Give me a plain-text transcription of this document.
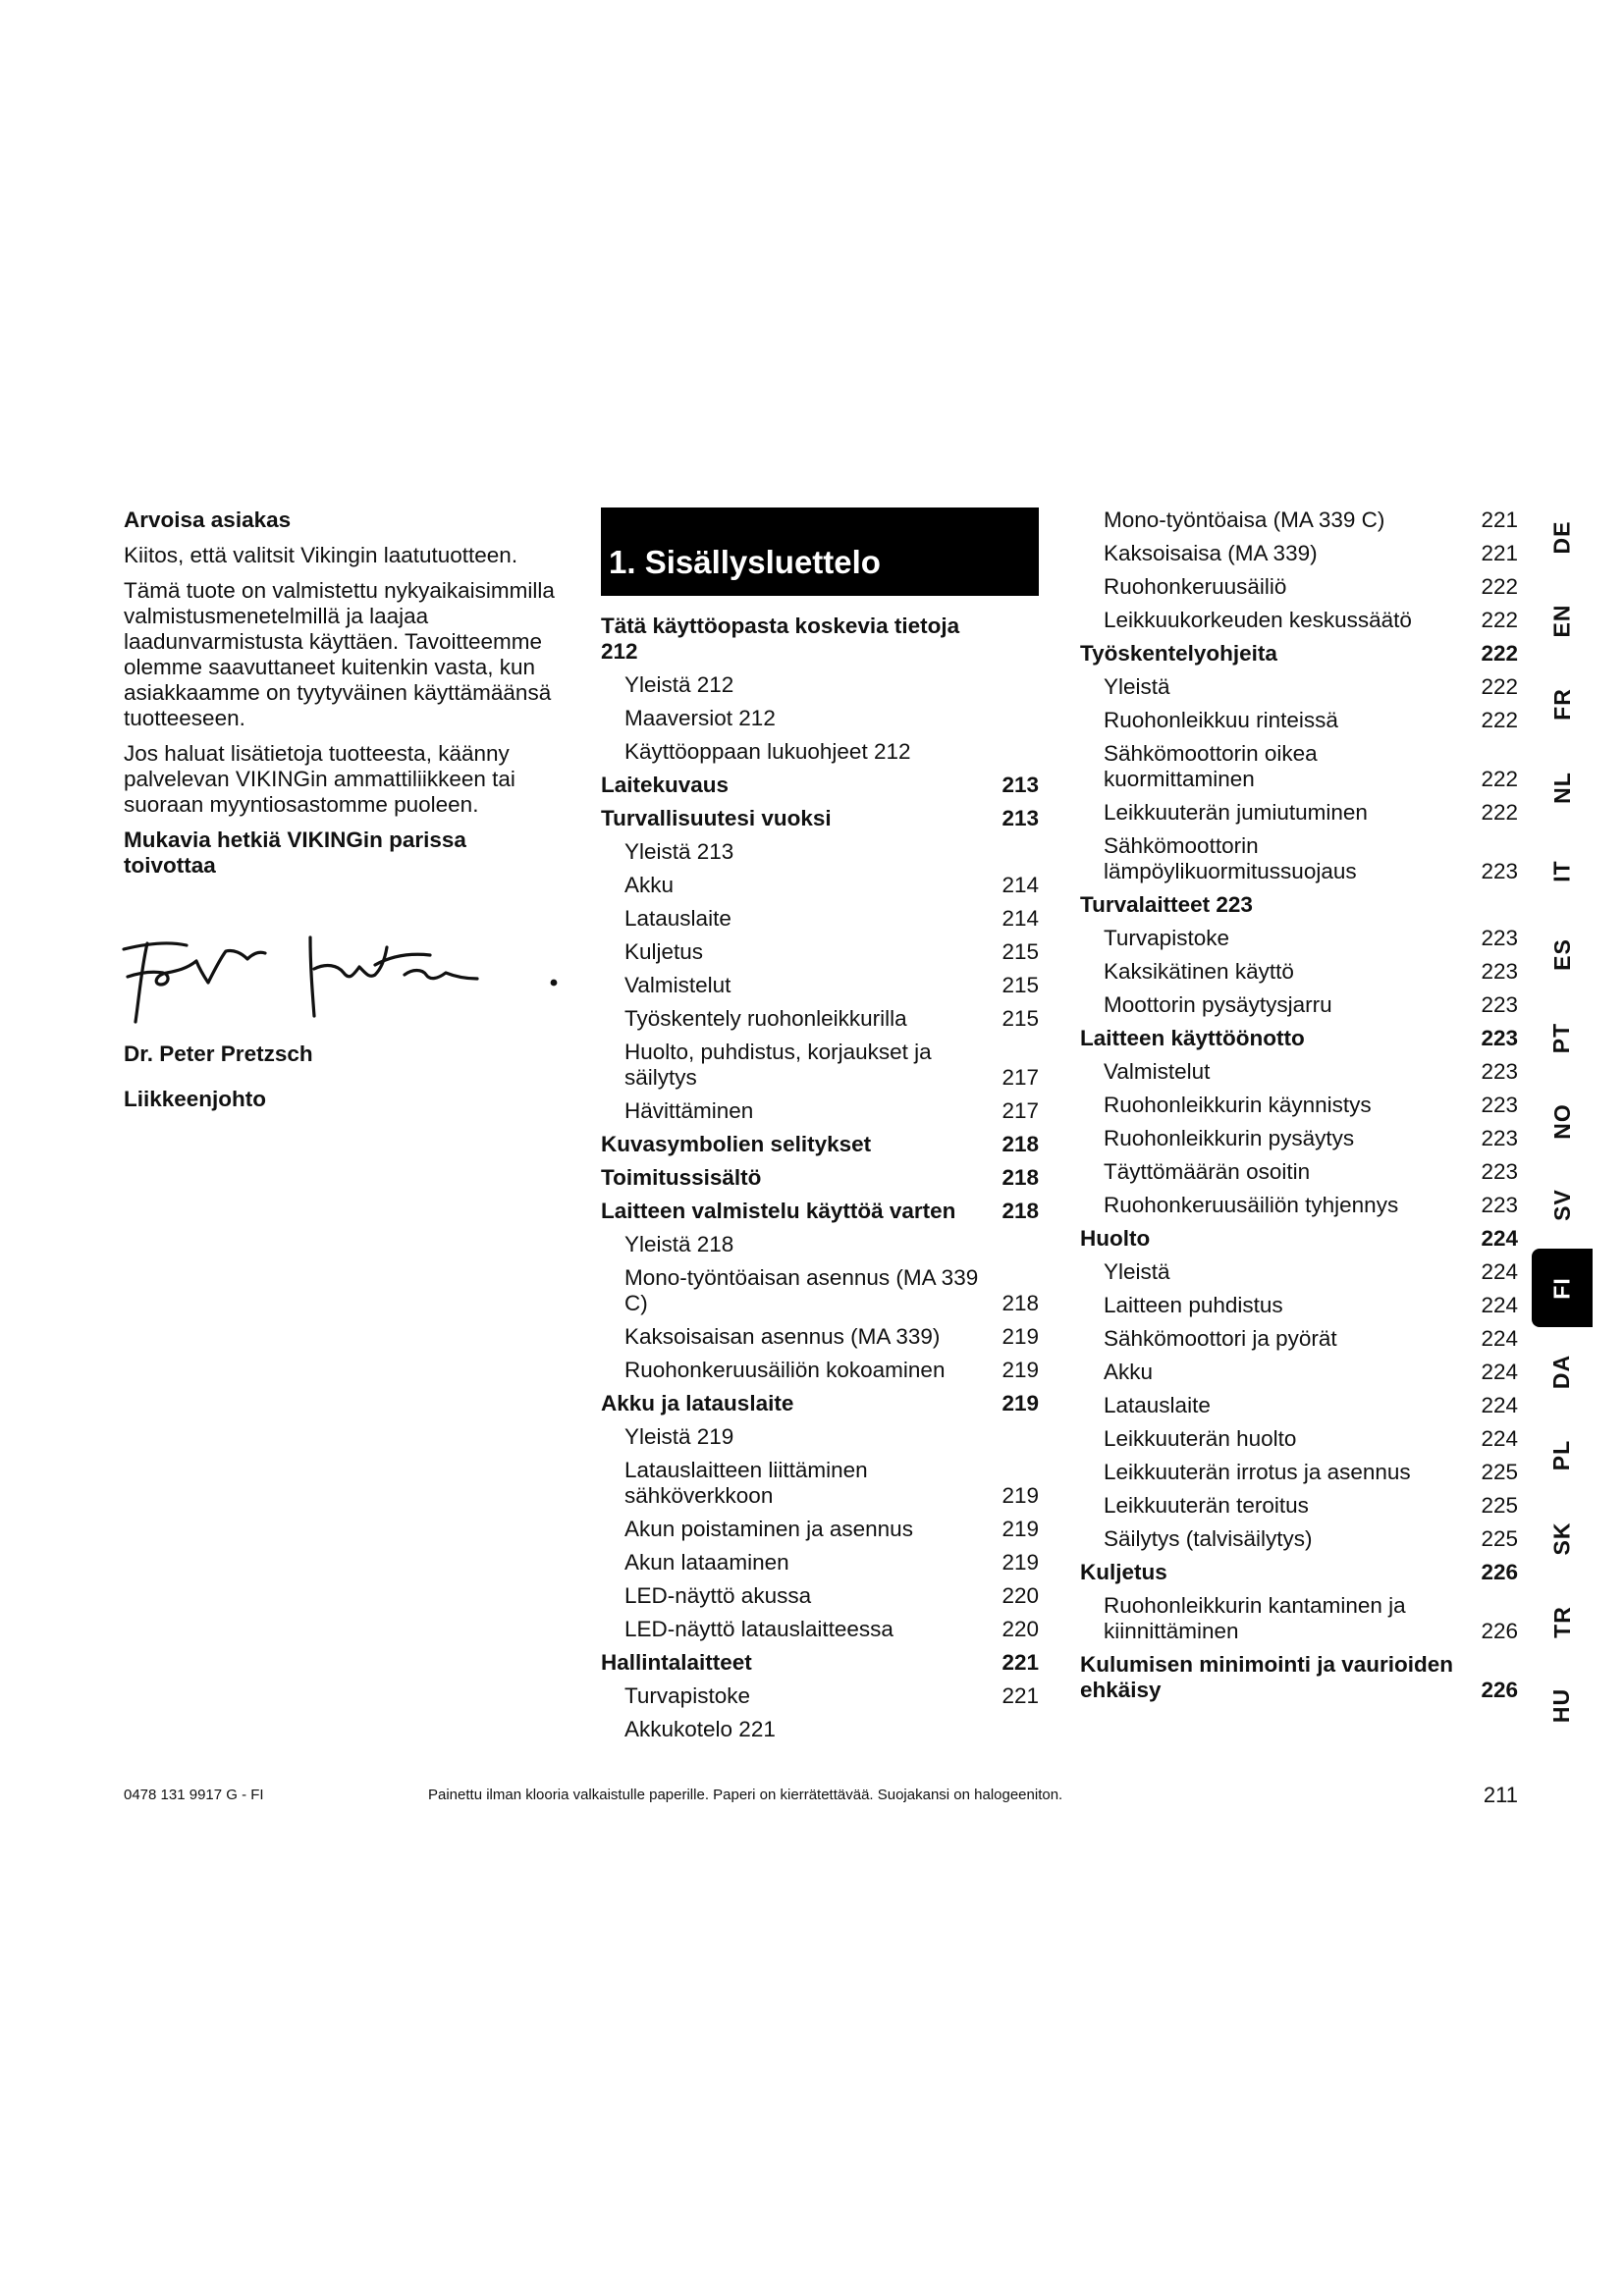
Arvoisa asiakas
Kiitos, että valitsit Vikingin laatutuotteen.
Tämä tuote on valmistettu nykyaikaisimmilla valmistusmenetelmillä ja laajaa laadunvarmistusta käyttäen. Tavoitteemme olemme saavuttaneet kuitenkin vasta, kun asiakkaamme on tyytyväinen käyttämäänsä tuotteeseen.
Jos haluat lisätietoja tuotteesta, käänny palvelevan VIKINGin ammattiliikkeen tai suoraan myyntiosastomme puoleen.
Mukavia hetkiä VIKINGin parissa toivottaa
Dr. Peter Pretzsch
Liikkeenjohto
1. Sisällysluettelo
Tätä käyttöopasta koskevia tietoja 212
Yleistä 212
Maaversiot 212
Käyttöoppaan lukuohjeet 212
Laitekuvaus	213
Turvallisuutesi vuoksi	213
Yleistä 213
Akku	214
Latauslaite	214
Kuljetus	215
Valmistelut	215
Työskentely ruohonleikkurilla	215
Huolto, puhdistus, korjaukset ja säilytys	217
Hävittäminen	217
Kuvasymbolien selitykset	218
Toimitussisältö	218
Laitteen valmistelu käyttöä varten	218
Yleistä 218
Mono-työntöaisan asennus (MA 339 C)	218
Kaksoisaisan asennus (MA 339)	219
Ruohonkeruusäiliön kokoaminen	219
Akku ja latauslaite	219
Yleistä 219
Latauslaitteen liittäminen sähköverkkoon	219
Akun poistaminen ja asennus	219
Akun lataaminen	219
LED-näyttö akussa	220
LED-näyttö latauslaitteessa	220
Hallintalaitteet	221
Turvapistoke	221
Akkukotelo 221
Mono-työntöaisa (MA 339 C)	221
Kaksoisaisa (MA 339)	221
Ruohonkeruusäiliö	222
Leikkuukorkeuden keskussäätö	222
Työskentelyohjeita	222
Yleistä	222
Ruohonleikkuu rinteissä	222
Sähkömoottorin oikea kuormittaminen	222
Leikkuuterän jumiutuminen	222
Sähkömoottorin lämpöylikuormitussuojaus	223
Turvalaitteet 223
Turvapistoke	223
Kaksikätinen käyttö	223
Moottorin pysäytysjarru	223
Laitteen käyttöönotto	223
Valmistelut	223
Ruohonleikkurin käynnistys	223
Ruohonleikkurin pysäytys	223
Täyttömäärän osoitin	223
Ruohonkeruusäiliön tyhjennys	223
Huolto	224
Yleistä	224
Laitteen puhdistus	224
Sähkömoottori ja pyörät	224
Akku	224
Latauslaite	224
Leikkuuterän huolto	224
Leikkuuterän irrotus ja asennus	225
Leikkuuterän teroitus	225
Säilytys (talvisäilytys)	225
Kuljetus	226
Ruohonleikkurin kantaminen ja kiinnittäminen	226
Kulumisen minimointi ja vaurioiden ehkäisy	226
DE
EN
FR
NL
IT
ES
PT
NO
SV
FI
DA
PL
SK
TR
HU
0478 131 9917 G - FI	Painettu ilman klooria valkaistulle paperille. Paperi on kierrätettävää. Suojakansi on halogeeniton.	211
